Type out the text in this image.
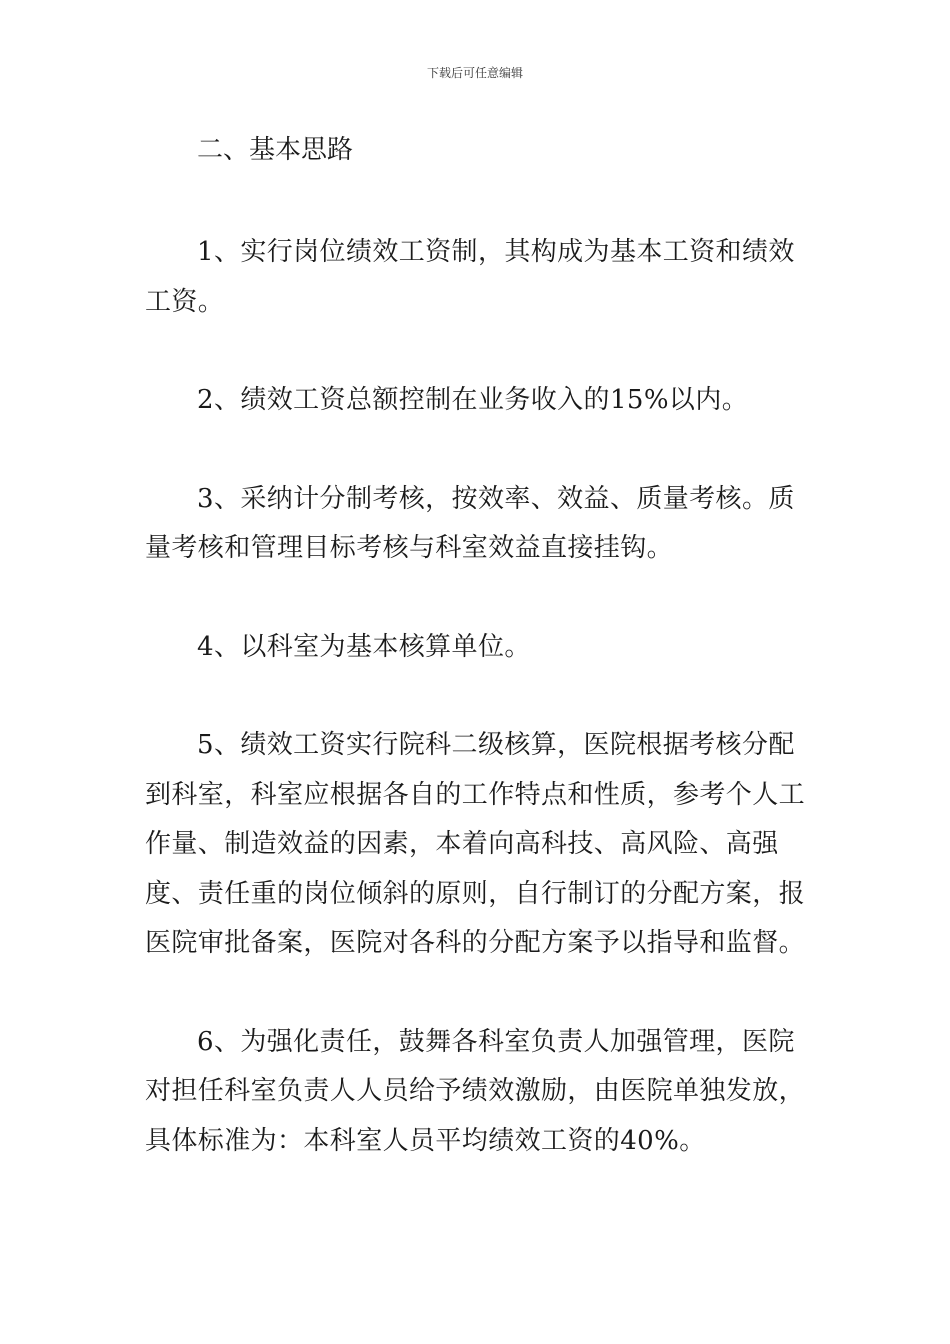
下载后可任意编辑

二、基本思路

1、实行岗位绩效工资制，其构成为基本工资和绩效工资。

2、绩效工资总额控制在业务收入的15%以内。

3、采纳计分制考核，按效率、效益、质量考核。质量考核和管理目标考核与科室效益直接挂钩。

4、以科室为基本核算单位。

5、绩效工资实行院科二级核算，医院根据考核分配到科室，科室应根据各自的工作特点和性质，参考个人工作量、制造效益的因素，本着向高科技、高风险、高强度、责任重的岗位倾斜的原则，自行制订的分配方案，报医院审批备案，医院对各科的分配方案予以指导和监督。

6、为强化责任，鼓舞各科室负责人加强管理，医院对担任科室负责人人员给予绩效激励，由医院单独发放，具体标准为：本科室人员平均绩效工资的40%。
